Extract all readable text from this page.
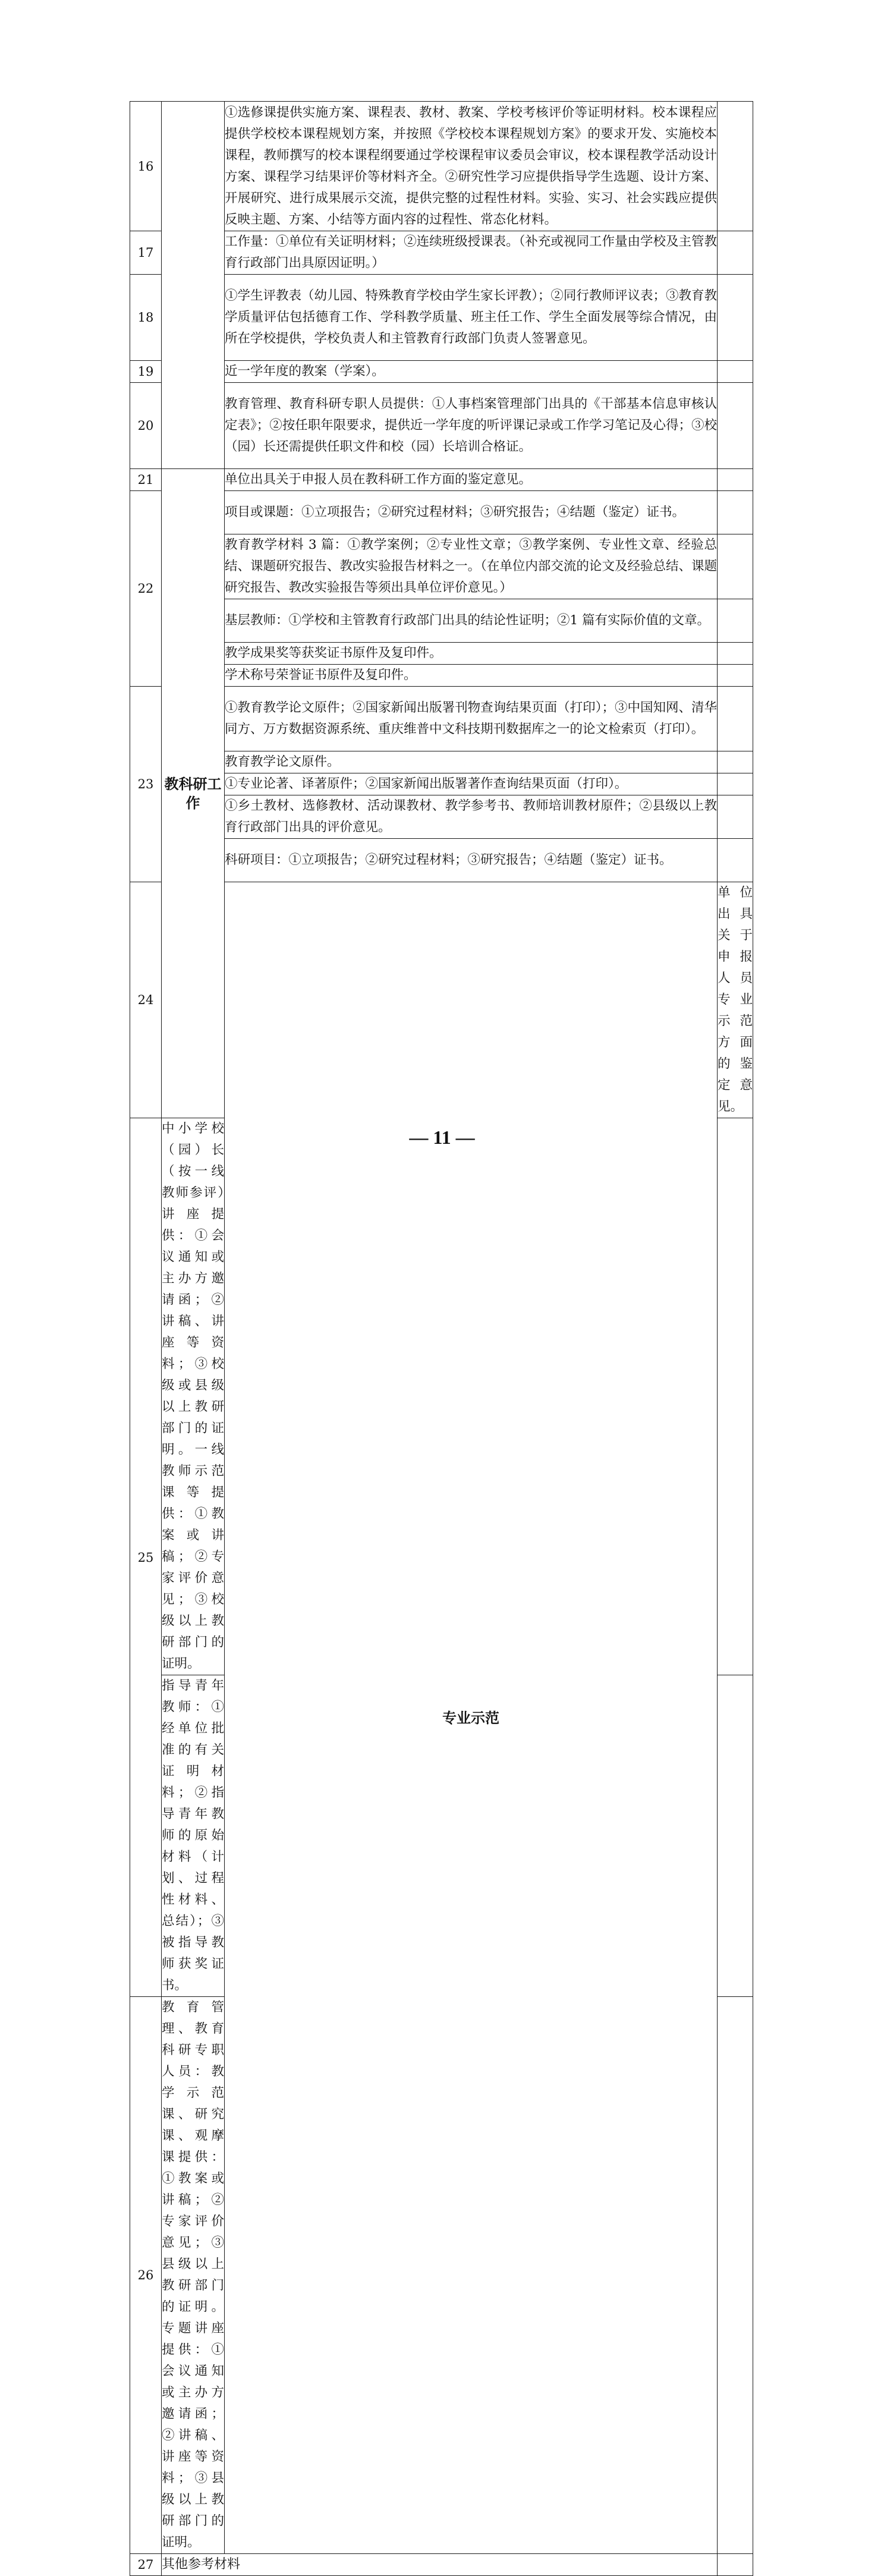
16		①选修课提供实施方案、课程表、教材、教案、学校考核评价等证明材料。校本课程应提供学校校本课程规划方案，并按照《学校校本课程规划方案》的要求开发、实施校本课程，教师撰写的校本课程纲要通过学校课程审议委员会审议，校本课程教学活动设计方案、课程学习结果评价等材料齐全。②研究性学习应提供指导学生选题、设计方案、开展研究、进行成果展示交流，提供完整的过程性材料。实验、实习、社会实践应提供反映主题、方案、小结等方面内容的过程性、常态化材料。		
17		工作量：①单位有关证明材料；②连续班级授课表。（补充或视同工作量由学校及主管教育行政部门出具原因证明。）		
18		①学生评教表（幼儿园、特殊教育学校由学生家长评教）；②同行教师评议表；③教育教学质量评估包括德育工作、学科教学质量、班主任工作、学生全面发展等综合情况，由所在学校提供，学校负责人和主管教育行政部门负责人签署意见。		
19		近一学年度的教案（学案）。		
20		教育管理、教育科研专职人员提供：①人事档案管理部门出具的《干部基本信息审核认定表》；②按任职年限要求，提供近一学年度的听评课记录或工作学习笔记及心得；③校（园）长还需提供任职文件和校（园）长培训合格证。		
21	教科研工作	单位出具关于申报人员在教科研工作方面的鉴定意见。		
22		项目或课题：①立项报告；②研究过程材料；③研究报告；④结题（鉴定）证书。		
		教育教学材料 3 篇：①教学案例；②专业性文章；③教学案例、专业性文章、经验总结、课题研究报告、教改实验报告材料之一。（在单位内部交流的论文及经验总结、课题研究报告、教改实验报告等须出具单位评价意见。）		
		基层教师：①学校和主管教育行政部门出具的结论性证明；②1 篇有实际价值的文章。		
		教学成果奖等获奖证书原件及复印件。		
		学术称号荣誉证书原件及复印件。		
23		①教育教学论文原件；②国家新闻出版署刊物查询结果页面（打印）；③中国知网、清华同方、万方数据资源系统、重庆维普中文科技期刊数据库之一的论文检索页（打印）。		
		教育教学论文原件。		
		①专业论著、译著原件；②国家新闻出版署著作查询结果页面（打印）。		
		①乡土教材、选修教材、活动课教材、教学参考书、教师培训教材原件；②县级以上教育行政部门出具的评价意见。		
		科研项目：①立项报告；②研究过程材料；③研究报告；④结题（鉴定）证书。		
24		专业示范	单位出具关于申报人员专业示范方面的鉴定意见。	
25	中小学校（园）长（按一线教师参评）讲座提供：①会议通知或主办方邀请函；②讲稿、讲座等资料；③校级或县级以上教研部门的证明。一线教师示范课等提供：①教案或讲稿；②专家评价意见；③校级以上教研部门的证明。			
	指导青年教师：①经单位批准的有关证明材料；②指导青年教师的原始材料（计划、过程性材料、总结）；③被指导教师获奖证书。			
26	教育管理、教育科研专职人员：教学示范课、研究课、观摩课提供：①教案或讲稿；②专家评价意见；③县级以上教研部门的证明。专题讲座提供：①会议通知或主办方邀请函；②讲稿、讲座等资料；③县级以上教研部门的证明。			
27	其他参考材料			
— 11 —
